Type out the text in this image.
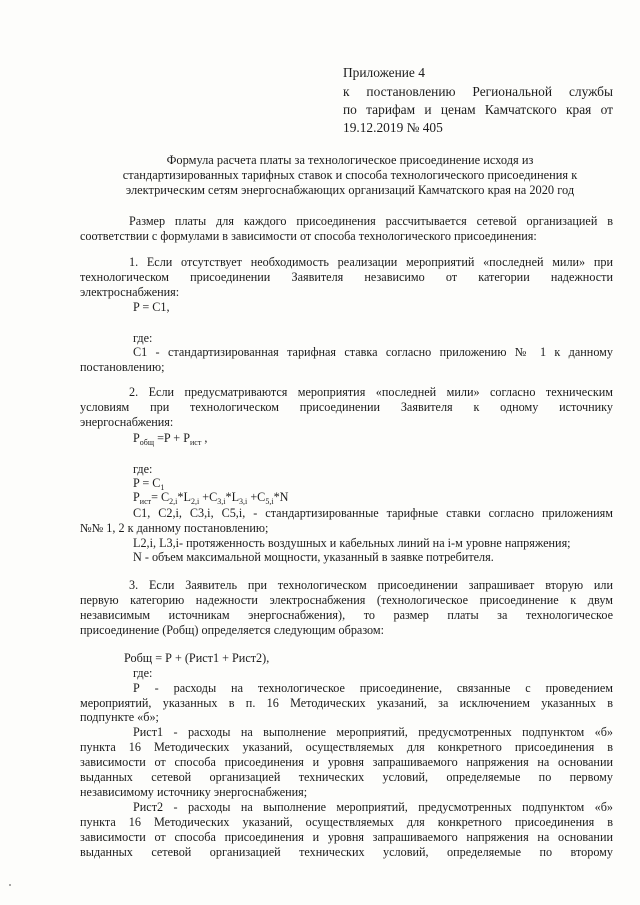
Приложение 4
к постановлению Региональной службы
по тарифам и ценам Камчатского края от
19.12.2019 № 405
Формула расчета платы за технологическое присоединение исходя из
стандартизированных тарифных ставок и способа технологического присоединения к
электрическим сетям энергоснабжающих организаций Камчатского края на 2020 год
Размер платы для каждого присоединения рассчитывается сетевой организацией в
соответствии с формулами в зависимости от способа технологического присоединения:
1. Если отсутствует необходимость реализации мероприятий «последней мили» при
технологическом присоединении Заявителя независимо от категории надежности
электроснабжения:
P = C1,
где:
C1 - стандартизированная тарифная ставка согласно приложению № 1 к данному
постановлению;
2. Если предусматриваются мероприятия «последней мили» согласно техническим
условиям при технологическом присоединении Заявителя к одному источнику
энергоснабжения:
$P_{общ} =P + P_{ист}$ ,
где:
$P = C_1$
$P_{ист}= C_{2,i}*L_{2,i} +C_{3,i}*L_{3,i} +C_{5,i}*N$
C1, C2,i, C3,i, C5,i, - стандартизированные тарифные ставки согласно приложениям
№№ 1, 2 к данному постановлению;
L2,i, L3,i- протяженность воздушных и кабельных линий на i-м уровне напряжения;
N - объем максимальной мощности, указанный в заявке потребителя.
3. Если Заявитель при технологическом присоединении запрашивает вторую или
первую категорию надежности электроснабжения (технологическое присоединение к двум
независимым источникам энергоснабжения), то размер платы за технологическое
присоединение (Робщ) определяется следующим образом:
Робщ = Р + (Рист1 + Рист2),
где:
Р - расходы на технологическое присоединение, связанные с проведением
мероприятий, указанных в п. 16 Методических указаний, за исключением указанных в
подпункте «б»;
Рист1 - расходы на выполнение мероприятий, предусмотренных подпунктом «б»
пункта 16 Методических указаний, осуществляемых для конкретного присоединения в
зависимости от способа присоединения и уровня запрашиваемого напряжения на основании
выданных сетевой организацией технических условий, определяемые по первому
независимому источнику энергоснабжения;
Рист2 - расходы на выполнение мероприятий, предусмотренных подпунктом «б»
пункта 16 Методических указаний, осуществляемых для конкретного присоединения в
зависимости от способа присоединения и уровня запрашиваемого напряжения на основании
выданных сетевой организацией технических условий, определяемые по второму
